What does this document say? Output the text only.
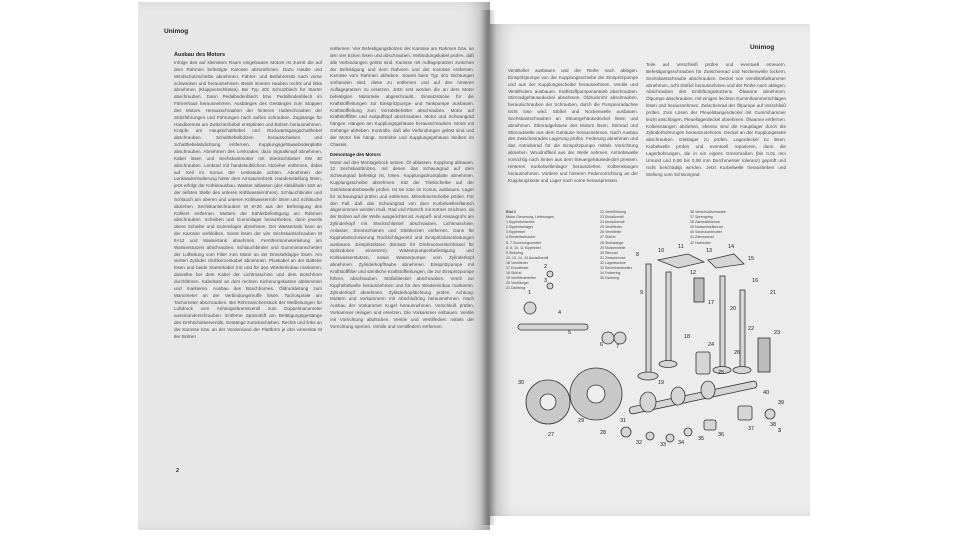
Unimog
Ausbau des Motors
Infolge des auf kleinstem Raum eingebauten Motors ist zuerst die auf dem Rahmen befestigte Karosse abzunehmen. Dazu Haube und Windschutzscheibe abnehmen, Fahrer- und Beifahrersitz nach vorne schwenken und herausnehmen. Beide inneren Hauben rechts und links abnehmen (Klappverschlüsse). Bei Typ 401 Schutzblech für Starter abschrauben. Dann Pedalbodenblech bzw. Pedalbodenblech im Führerhaus herausnehmen. Ausbänges des Gestänges zum Stoppen des Motors. Herausschrauben der hinteren Halteschrauben der Stützführungen und Führungen nach außen schrauben. Zugstange für Handbremse am Zwischenhebel entsplinten und Bolzen herausnehmen. Knöpfe am Hauptschalthebel und Rückwärtsgangschalthebel abschrauben. Schalthebelbolzen herausschieben und Schalthebelabdichtung entfernen. Kupplungsgehäusebodenplatte abschrauben. Abnehmen des Lenkrades, dazu Signalknopf abnehmen, Kabel lösen und Sechskantmutter mit Steckschlüssel SW 30 abschrauben. Lenkrad mit handelsüblichem Abzieher entfernen, dabei auf Keil im Konus der Lenksäule achten. Abnehmen der Lenksäulenhalterung hinter dem Armaturenbrett. Handeinstellung lösen, jetzt erfolgt der Kühlerausbau. Wasser ablassen (der Ablaßhahn sitzt an der tiefsten Stelle des unteren Kühlwasserrohres). Schlauchbinder und Schlauch am oberen und unteren Kühlwasserrohr lösen und Schläuche abziehen. Sechskantschrauben M 8×26 aus der Befestigung des Kühlers entfernen. Muttern der Kühlerbefestigung am Rahmen abschrauben. Scheiben und Gummilager herausheben, dann jeweils obere Scheibe und Gummilager abnehmen. Der Wassertank kann an der Karosse verbleiben. Sonst lösen der vier Sechskantschrauben M 6×12 und Wassertank abnehmen. Fernthermometerleitung am Wasserstutzen abschrauben. Schlauchbinder und Gummimanschetten der Luftleitung vom Filter zum Motor an der Drosselklappe lösen. Am vierten Zylinder Glühkerzenkabel abnehmen. Pluskabel an der Batterie lösen und beide Starterkabel (rot und für den Wiedereinbau markieren, dasselbe bei dem Kabel der Lichtmaschine und dem Boschhorn durchführen. Kabelsatz an dem rechten Sicherungskasten abklemmen und markieren. Ausbau des Boschhornes. Öldruckleitung zum Manometer an der Verbindungsmuffe lösen. Tachospirale am Tachometer abschrauben. Bei Rohrzwischenstück der Meßleitungen für Luftdruck vom Anhängerbremsventil zum Doppelmanometer auseinanderschrauben. Entferne Spannstift am Betätigungsgestänge des Drehschieberventils, Gestänge zurückschieben. Rechts und links an der Karosse bzw. an der Vorderwand der Plattform je drei versenkte M 8er Bolzen
entfernen. Vier Befestigungsbolzen der Karosse am Rahmen bzw. an den vier Ecken lösen und abschrauben. Verbindungskabel prüfen, daß alle Verbindungen gelöst sind. Karosse mit Auflagepratzen zwischen der Befestigung und dem Rahmen und der Karosse entfernen. Karosse vom Rahmen abheben. Soweit beim Typ 401 Dichtungen vorhanden sind, diese zu entfernen und auf den hinteren Auflagepratzen zu ersetzen. Jetzt erst werden die an dem Motor befestigten Motorteile abgeschraubt. Einsatzstücke für die Kraftstoffleitungen zur Einspritzpumpe und Tankpumpe ausbauen. Kraftstoffleitung zum Vorratsbehälter abschrauben. Motor auf Kraftstofffilter und Auspufftopf abschrauben. Motor und Schwungrad hängen. Hängen am Kupplungsgehäuse herausschrauben. Motor mit Gehänge abheben. Kontrolle, daß alle Verbindungen gelöst sind und der Motor frei hängt. Getriebe und Kupplungsgehäuse bleiben im Chassis.
Demontage des Motors
Motor auf den Montagebock setzen. Öl ablassen. Kupplung abbauen. 12 Sechskantbolzen, mit denen das Schwungrad auf dem Schwungrad befestigt ist, lösen. Kupplungsdruckplatte abnehmen. Kupplungsscheibe abnehmen. Sitz der Triebscheibe auf der Getriebeantriebswelle prüfen. Ist sie lose im Konus, ausbauen. Lager für Schwungrad prüfen und entfernen. Mitnehmerscheibe prüfen. Für den Fall, daß das Schwungrad von dem Kurbelwellenflansch abgenommen werden muß, Rad und Flansch mit Körner zeichnen, da der Bolzen auf der Welle ausgerichtet ist. Auspuff- und Ansaugrohr am Zylinderkopf mit Steckschlüssel abschrauben. Lichtmaschine, Anlasser, Stromschienen und Glühkerzen entfernen. Dann für Kipphebelschmierung Rückschlagventil und Einspritzdüsenleitungen ausbauen. Einspritzdüsen (Einsatz für Drehmomentschlüssel für Spritzdüsen einsetzen). Wasserpumpenbefestigung und Kühlwasserstutzen, sowie Wasserpumpe vom Zylinderkopf abnehmen. Zylinderkopfhaube abnehmen. Einspritzpumpe mit Kraftstofffilter und sämtliche Kraftstoffleitungen, die zur Einspritzpumpe führen, abschrauben. Stößeldeckel abschrauben. Ventil zur Kipphebelwelle herausnehmen und für den Wiedereinbau markieren. Zylinderkopf abnehmen, Zylinderkopfdichtung prüfen. Achtung: Muttern und Vorkammern mit Abschlußring herausnehmen. Nach Ausbau der Vorkammer Kugel herausnehmen. Verschleiß prüfen, Vorkammer reinigen und ersetzen. Die Vorkammer einbauen. Ventile mit Vorrichtung abdrücken. Ventile und Ventilfedern mittels der Vorrichtung sperren. Ventile und Ventilfedern entfernen.
2
Unimog
Ventilteller ausbauen und der Reihe nach ablegen. Einspritzpumpe von der Kupplungsscheibe der Einspritzpumpe und aus der Kupplungsscheibe herausnehmen. Ventile und Ventilfedern ausbauen. Kraftstoffpumpenantrieb abschrauben. Stirnradgehäusedeckel abnehmen. Öldruckrohr abschrauben, herausschrauben der Schrauben, durch die Pumpenradachse nicht lose wird. Stößel und Nockenwelle ausbauen. Sechskantschrauben an Steuergehäusedeckel lösen und abnehmen. Stirnradgehäuse des Motors lösen. Stirnrad und Stirnradwelle aus dem Gehäuse herausnehmen. Nach Ausbau des Zwischenrades Lagerung prüfen. Federung abnehmen und das Antriebsrad für die Einspritzpumpe mittels Vorrichtung abziehen. Woodruffkeil aus der Welle nehmen. Antriebswelle vorsichtig nach hinten aus dem Steuergehäusedeckel pressen. Hinteres Kurbelwellenlager herausziehen. Kolbenstangen herausnehmen. Vordere und hinteren Federvorrichtung an der Kupplungsseite und Lager nach vorne herauspressen.
Teile auf Verschleiß prüfen und eventuell erneuern. Befestigungsschrauben für Zwischenrad und Nockenwelle lockern, Sechskantschraube abschrauben. Deckel von Ventilstößelkammer abnehmen, acht Stößel herausnehmen und der Reihe nach ablegen. Abschrauben des Entlüftungsstutzens. Ölwanne abnehmen. Ölpumpe abschrauben, mit einigen leichten Gummihammerschlägen lösen und herausnehmen. Zwischenrad der Ölpumpe auf Verschleiß prüfen. Zum Lösen der Pleuelstangendeckel mit Gummihammer leicht anschlagen. Pleuellagerdeckel abnehmen. Ölwanne entfernen. Kolbenstangen abziehen, ebenso sind die Hauptlager durch die Zylinderbohrungen herauszunehmen. Deckel an der Kupplungsseite abschrauben. Gleitlager zu prüfen. Lagerdeckel zu lösen. Kurbelwelle prüfen und eventuell reparieren, dann die Lagerbohrungen, die in ein eigens Grenzmaßen (bis 0,01 mm Unrund und 0,06 bis 0,08 mm Durchmesser toleranz) geprüft und nicht beschädigt werden. Jetzt Kurbelwelle herausheben und Stellung vom Schwungrad
Bild 3
Motor-Steuerung, Lieferungen
1 Kipphebelachse
2 Kipphebellager
3 Kipphebel
4 Einstellschraube
5, 7 Sicherungsmutter
6, 8, 10, 11 Kipphebel
9 Stützring
12, 13, 14, 15 Auslaßventil
16 Ventilfeder
17 Druckfeder
18 Stößel
19 Ventilfederteller
20 Ventilkegel
21 Dichtring
22 Ventilführung
23 Einlaßventil
24 Auslaßventil
25 Ventilfeder
26 Ventilteller
27 Stößel
28 Stoßstange
29 Nockenwelle
30 Stirnrad
31 Zwischenrad
32 Lagerbuchse
33 Sechskantmutter
34 Federring
35 Dichtring
36 Verschlußschraube
37 Sprengring
38 Zahnradbüchse
39 Nockenwellenrad
40 Sechskantmutter
41 Zahnradrad
42 Hutmutter
1
2
3
4
5
6 7
8
9
10
11
12
13
14
15
16
17
18
19
20
21
22
23
24
25
26
27	28
29
30
31
32	33 34
35
36
37
38
39
40
3
